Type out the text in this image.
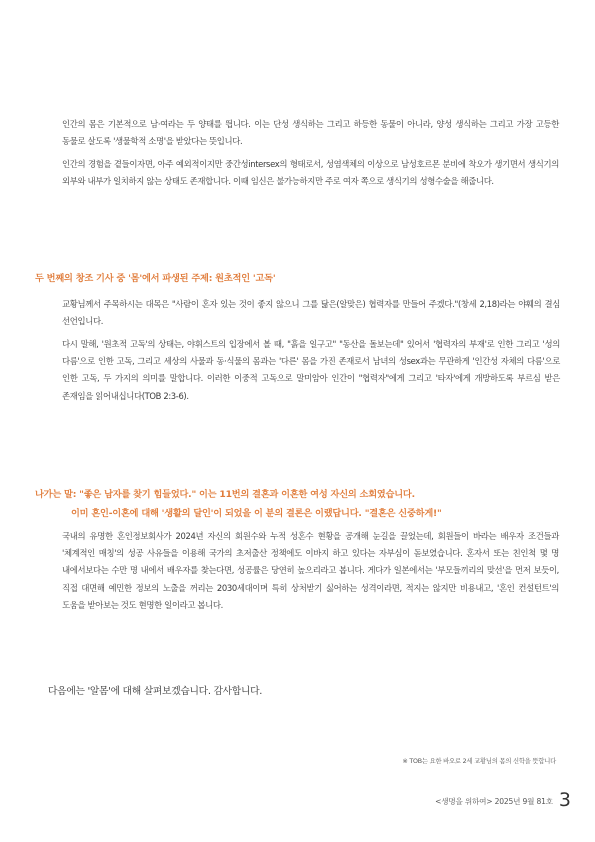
인간의 몸은 기본적으로 남·여라는 두 양태를 띕니다. 이는 단성 생식하는 그리고 하등한 동물이 아니라, 양성 생식하는 그리고 가장 고등한 동물로 살도록 '생물학적 소명'을 받았다는 뜻입니다.

인간의 경험을 곁들이자면, 아주 예외적이지만 중간성intersex의 형태로서, 성염색체의 이상으로 남성호르몬 분비에 착오가 생기면서 생식기의 외부와 내부가 일치하지 않는 상태도 존재합니다. 이때 임신은 불가능하지만 주로 여자 쪽으로 생식기의 성형수술을 해줍니다.

두 번째의 창조 기사 중 '몸'에서 파생된 주제: 원초적인 '고독'

교황님께서 주목하시는 대목은 "사람이 혼자 있는 것이 좋지 않으니 그를 닮은(알맞은) 협력자를 만들어 주겠다."(창세 2,18)라는 야훼의 결심 선언입니다.

다시 말해, '원초적 고독'의 상태는, 야휘스트의 입장에서 볼 때, "흙을 일구고" "동산을 돌보는데" 있어서 '협력자의 부재'로 인한 그리고 '성의 다름'으로 인한 고독, 그리고 세상의 사물과 동·식물의 몸과는 '다른' 몸을 가진 존재로서 남녀의 성sex과는 무관하게 '인간성 자체의 다름'으로 인한 고독, 두 가지의 의미를 말합니다. 이러한 이중적 고독으로 말미암아 인간이 "협력자"에게 그리고 '타자'에게 개방하도록 부르심 받은 존재임을 읽어내십니다(TOB 2:3-6).

나가는 말: "좋은 남자를 찾기 힘들었다." 이는 11번의 결혼과 이혼한 여성 자신의 소회였습니다.

이미 혼인-이혼에 대해 '생활의 달인'이 되었을 이 분의 결론은 이랬답니다. "결혼은 신중하게!"

국내의 유명한 혼인정보회사가 2024년 자신의 회원수와 누적 성혼수 현황을 공개해 눈길을 끌었는데, 회원들이 바라는 배우자 조건들과 '체계적인 매칭'의 성공 사유들을 이용해 국가의 초저출산 정책에도 이바지 하고 있다는 자부심이 돋보였습니다. 혼자서 또는 친인척 몇 명 내에서보다는 수만 명 내에서 배우자를 찾는다면, 성공률은 당연히 높으리라고 봅니다. 게다가 일본에서는 '부모들끼리의 맞선'을 먼저 보듯이, 직접 대면해 예민한 정보의 노출을 꺼리는 2030세대이며 특히 상처받기 싫어하는 성격이라면, 적지는 않지만 비용내고, '혼인 컨설턴트'의 도움을 받아보는 것도 현명한 일이라고 봅니다.

다음에는 '알몸'에 대해 살펴보겠습니다. 감사합니다.

※ TOB는 요한 바오로 2세 교황님의 몸의 신학을 뜻합니다

<생명을 위하여> 2025년 9월 81호 3
